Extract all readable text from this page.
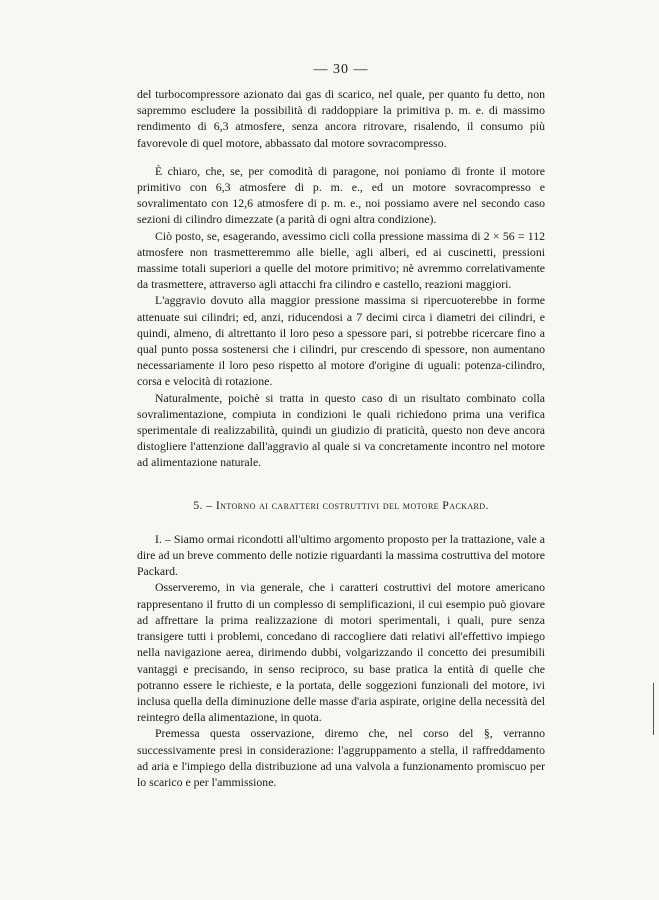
— 30 —

del turbocompressore azionato dai gas di scarico, nel quale, per quanto fu detto, non sapremmo escludere la possibilità di raddoppiare la primitiva p. m. e. di massimo rendimento di 6,3 atmosfere, senza ancora ritrovare, risalendo, il consumo più favorevole di quel motore, abbassato dal motore sovracompresso.

È chiaro, che, se, per comodità di paragone, noi poniamo di fronte il motore primitivo con 6,3 atmosfere di p. m. e., ed un motore sovracompresso e sovralimentato con 12,6 atmosfere di p. m. e., noi possiamo avere nel secondo caso sezioni di cilindro dimezzate (a parità di ogni altra condizione).

Ciò posto, se, esagerando, avessimo cicli colla pressione massima di 2 × 56 = 112 atmosfere non trasmetteremmo alle bielle, agli alberi, ed ai cuscinetti, pressioni massime totali superiori a quelle del motore primitivo; nè avremmo correlativamente da trasmettere, attraverso agli attacchi fra cilindro e castello, reazioni maggiori.

L'aggravio dovuto alla maggior pressione massima si ripercuoterebbe in forme attenuate sui cilindri; ed, anzi, riducendosi a 7 decimi circa i diametri dei cilindri, e quindi, almeno, di altrettanto il loro peso a spessore pari, si potrebbe ricercare fino a qual punto possa sostenersi che i cilindri, pur crescendo di spessore, non aumentano necessariamente il loro peso rispetto al motore d'origine di uguali: potenza-cilindro, corsa e velocità di rotazione.

Naturalmente, poichè si tratta in questo caso di un risultato combinato colla sovralimentazione, compiuta in condizioni le quali richiedono prima una verifica sperimentale di realizzabilità, quindi un giudizio di praticità, questo non deve ancora distogliere l'attenzione dall'aggravio al quale si va concretamente incontro nel motore ad alimentazione naturale.

5. – Intorno ai caratteri costruttivi del motore Packard.

I. – Siamo ormai ricondotti all'ultimo argomento proposto per la trattazione, vale a dire ad un breve commento delle notizie riguardanti la massima costruttiva del motore Packard.

Osserveremo, in via generale, che i caratteri costruttivi del motore americano rappresentano il frutto di un complesso di semplificazioni, il cui esempio può giovare ad affrettare la prima realizzazione di motori sperimentali, i quali, pure senza transigere tutti i problemi, concedano di raccogliere dati relativi all'effettivo impiego nella navigazione aerea, dirimendo dubbi, volgarizzando il concetto dei presumibili vantaggi e precisando, in senso reciproco, su base pratica la entità di quelle che potranno essere le richieste, e la portata, delle soggezioni funzionali del motore, ivi inclusa quella della diminuzione delle masse d'aria aspirate, origine della necessità del reintegro della alimentazione, in quota.

Premessa questa osservazione, diremo che, nel corso del §, verranno successivamente presi in considerazione: l'aggruppamento a stella, il raffreddamento ad aria e l'impiego della distribuzione ad una valvola a funzionamento promiscuo per lo scarico e per l'ammissione.
